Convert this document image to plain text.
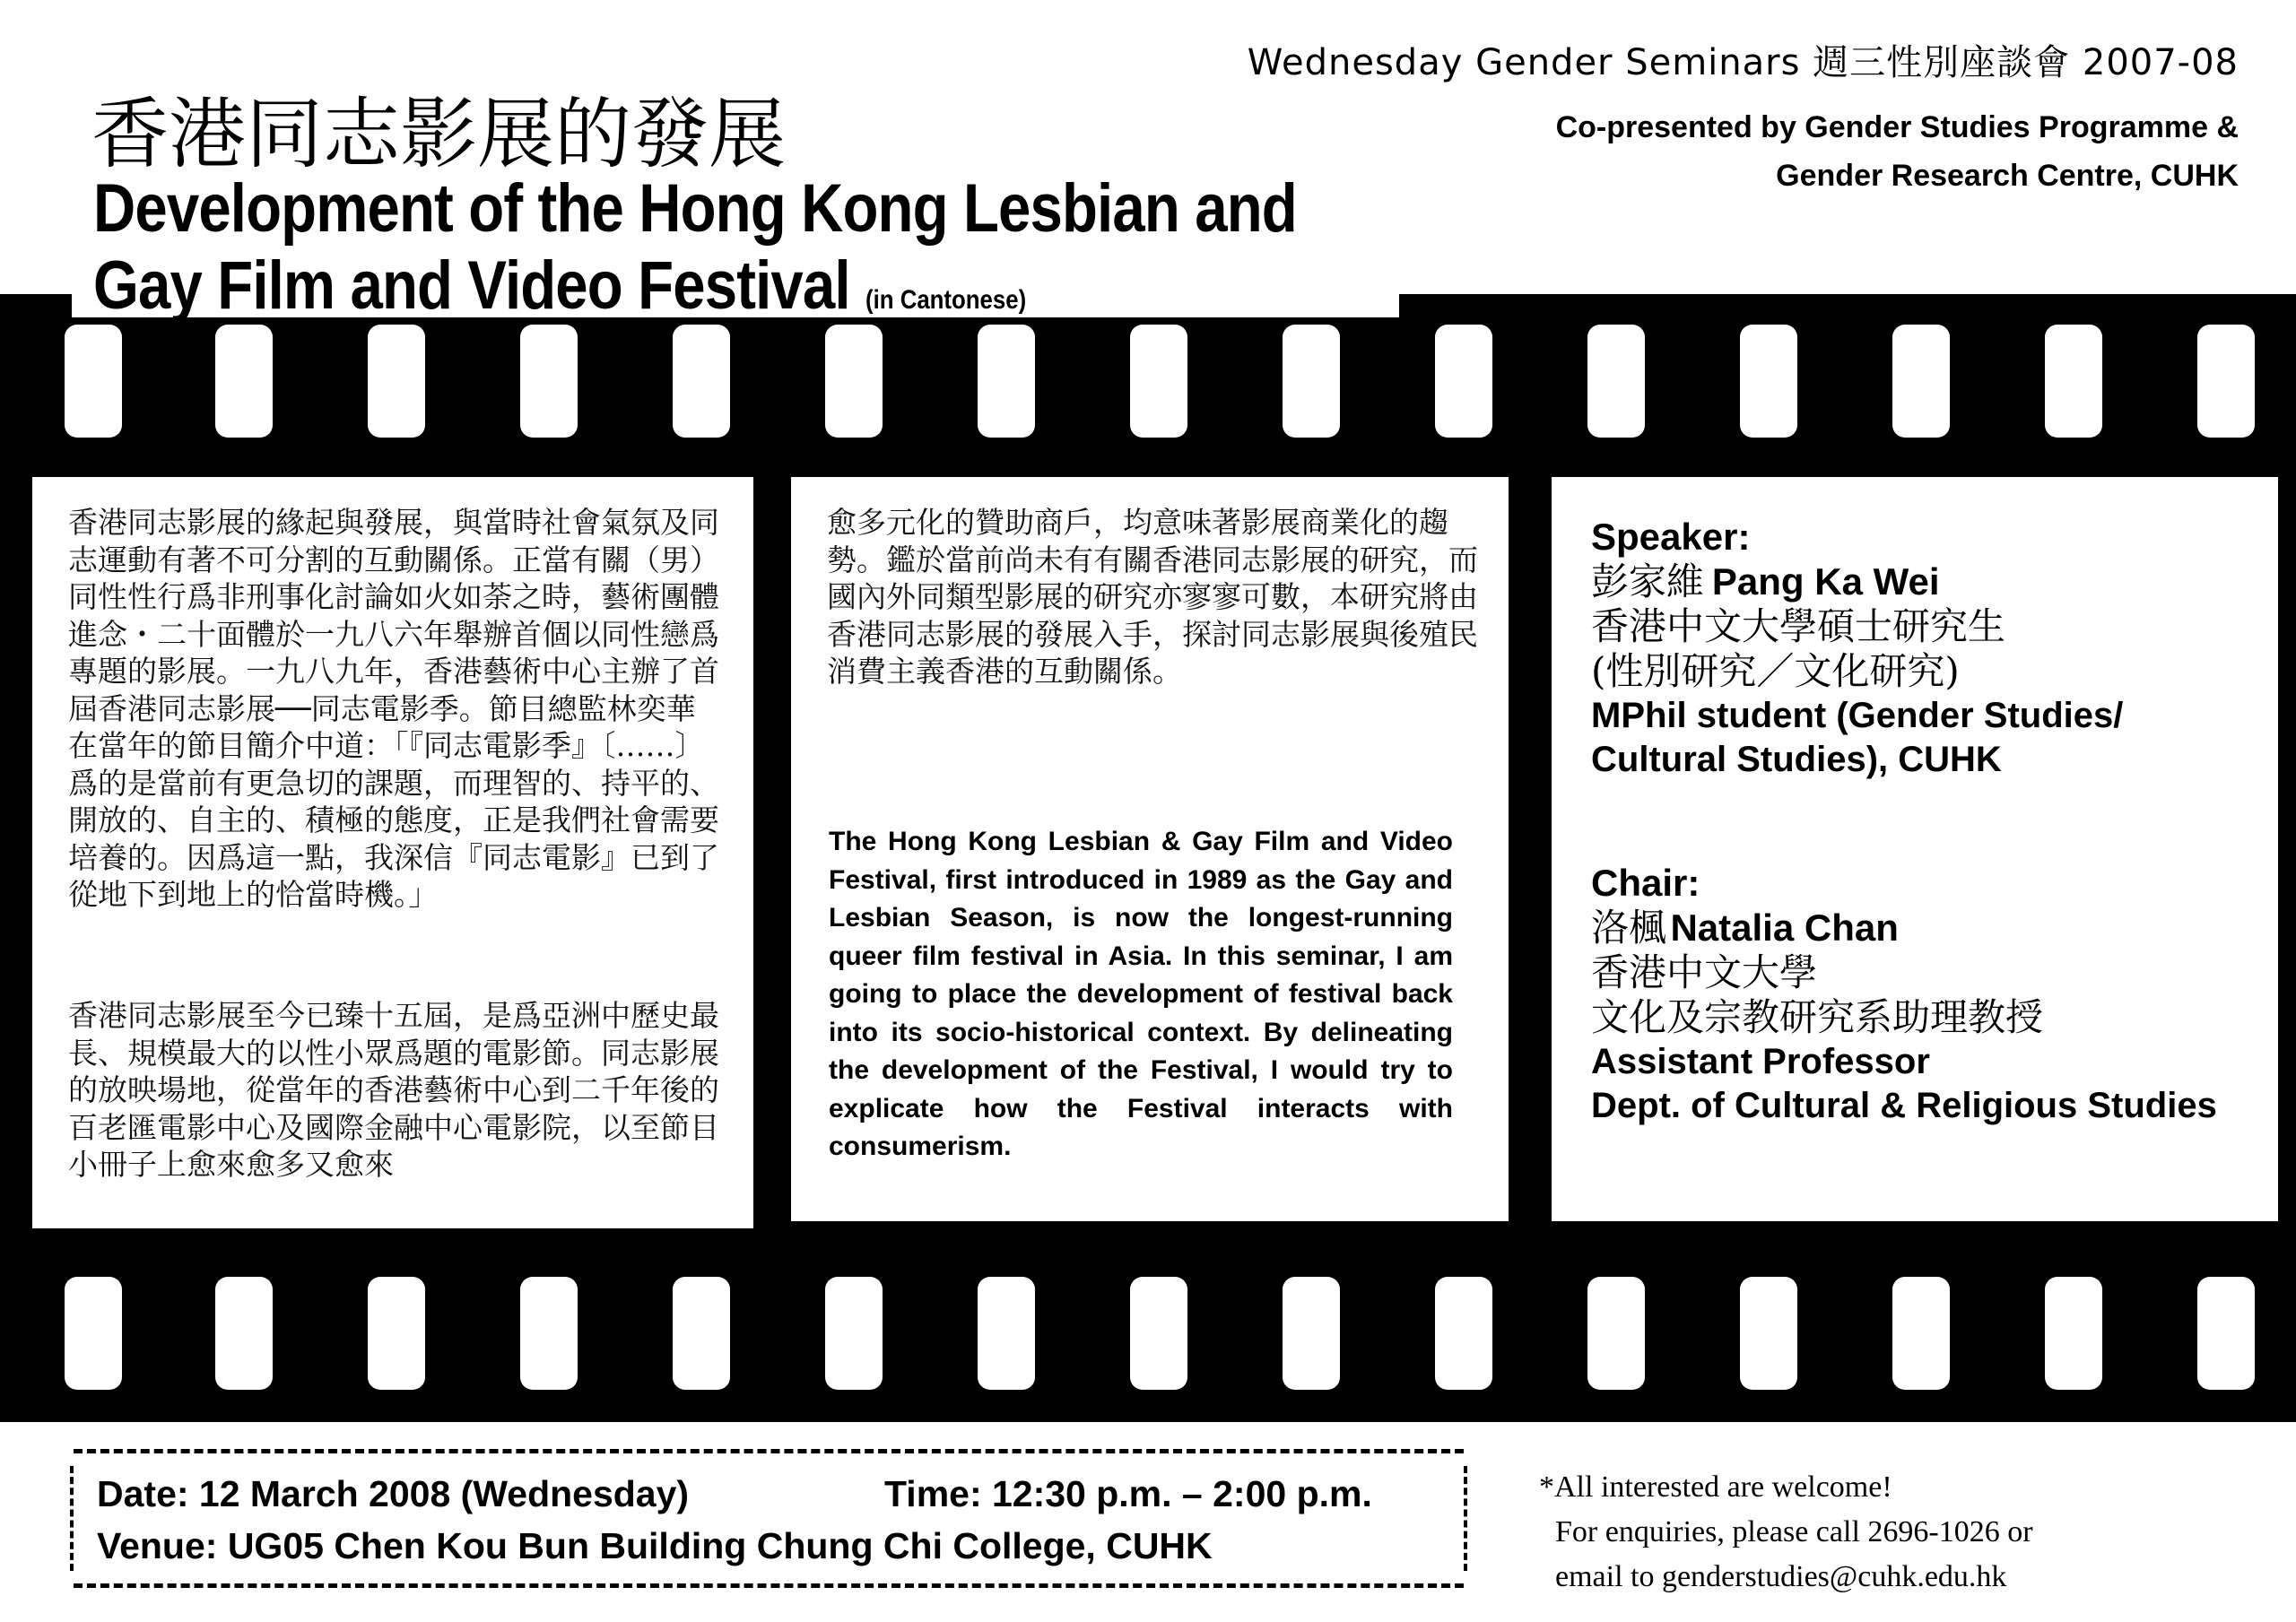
Wednesday Gender Seminars 週三性別座談會 2007-08
Co-presented by Gender Studies Programme &
Gender Research Centre, CUHK
香港同志影展的緣起與發展，與當時社會氣氛及同志運動有著不可分割的互動關係。正當有關（男）同性性行爲非刑事化討論如火如荼之時，藝術團體進念・二十面體於一九八六年舉辦首個以同性戀爲專題的影展。一九八九年，香港藝術中心主辦了首屆香港同志影展──同志電影季。節目總監林奕華在當年的節目簡介中道：「『同志電影季』〔……〕爲的是當前有更急切的課題，而理智的、持平的、開放的、自主的、積極的態度，正是我們社會需要培養的。因爲這一點，我深信『同志電影』已到了從地下到地上的恰當時機。」
香港同志影展至今已臻十五屆，是爲亞洲中歷史最長、規模最大的以性小眾爲題的電影節。同志影展的放映場地，從當年的香港藝術中心到二千年後的百老匯電影中心及國際金融中心電影院，以至節目小冊子上愈來愈多又愈來
愈多元化的贊助商戶，均意味著影展商業化的趨勢。鑑於當前尚未有有關香港同志影展的研究，而國內外同類型影展的研究亦寥寥可數，本研究將由香港同志影展的發展入手，探討同志影展與後殖民消費主義香港的互動關係。
The Hong Kong Lesbian & Gay Film and Video Festival, first introduced in 1989 as the Gay and Lesbian Season, is now the longest-running queer film festival in Asia. In this seminar, I am going to place the development of festival back into its socio-historical context. By delineating the development of the Festival, I would try to explicate how the Festival interacts with consumerism.
Speaker:
彭家維 Pang Ka Wei
香港中文大學碩士研究生
(性別研究／文化研究)
MPhil student (Gender Studies/
Cultural Studies), CUHK
Chair:
洛楓 Natalia Chan
香港中文大學
文化及宗教研究系助理教授
Assistant Professor
Dept. of Cultural & Religious Studies
香港同志影展的發展
Development of the Hong Kong Lesbian and
Gay Film and Video Festival (in Cantonese)
Date: 12 March 2008 (Wednesday)	Time: 12:30 p.m. – 2:00 p.m.
Venue: UG05 Chen Kou Bun Building Chung Chi College, CUHK
*All interested are welcome!
For enquiries, please call 2696-1026 or
email to genderstudies@cuhk.edu.hk
